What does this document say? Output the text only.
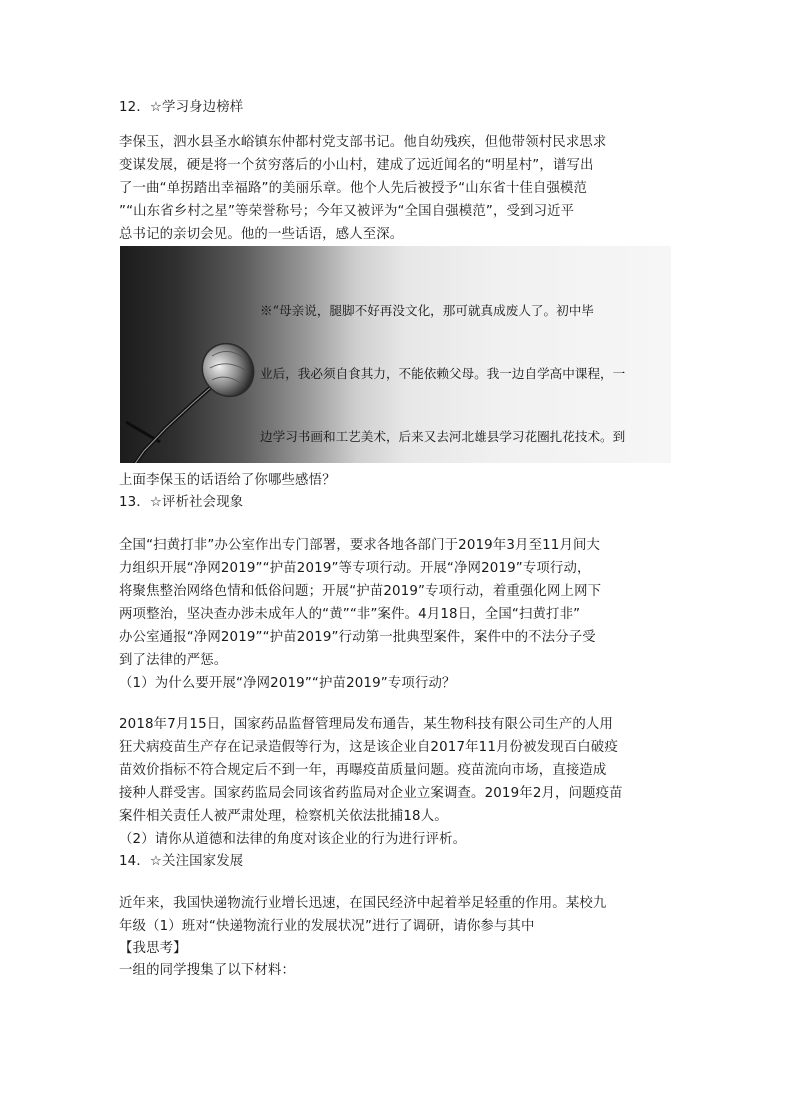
12．☆学习身边榜样
李保玉，泗水县圣水峪镇东仲都村党支部书记。他自幼残疾，但他带领村民求思求
变谋发展，硬是将一个贫穷落后的小山村，建成了远近闻名的“明星村”，谱写出
了一曲“单拐踏出幸福路”的美丽乐章。他个人先后被授予“山东省十佳自强模范
”“山东省乡村之星”等荣誉称号；今年又被评为“全国自强模范”，受到习近平
总书记的亲切会见。他的一些话语，感人至深。

※“母亲说，腿脚不好再没文化，那可就真成废人了。初中毕

业后，我必须自食其力，不能依赖父母。我一边自学高中课程，一

边学习书画和工艺美术，后来又去河北雄县学习花圈扎花技术。到

上面李保玉的话语给了你哪些感悟？
13．☆评析社会现象
全国“扫黄打非”办公室作出专门部署，要求各地各部门于2019年3月至11月间大
力组织开展“净网2019”“护苗2019”等专项行动。开展“净网2019”专项行动，
将聚焦整治网络色情和低俗问题；开展“护苗2019”专项行动，着重强化网上网下
两项整治，坚决查办涉未成年人的“黄”“非”案件。4月18日，全国“扫黄打非”
办公室通报“净网2019”“护苗2019”行动第一批典型案件，案件中的不法分子受
到了法律的严惩。
（1）为什么要开展“净网2019”“护苗2019”专项行动？
2018年7月15日，国家药品监督管理局发布通告，某生物科技有限公司生产的人用
狂犬病疫苗生产存在记录造假等行为，这是该企业自2017年11月份被发现百白破疫
苗效价指标不符合规定后不到一年，再曝疫苗质量问题。疫苗流向市场，直接造成
接种人群受害。国家药监局会同该省药监局对企业立案调查。2019年2月，问题疫苗
案件相关责任人被严肃处理，检察机关依法批捕18人。
（2）请你从道德和法律的角度对该企业的行为进行评析。
14．☆关注国家发展
近年来，我国快递物流行业增长迅速，在国民经济中起着举足轻重的作用。某校九
年级（1）班对“快递物流行业的发展状况”进行了调研，请你参与其中
【我思考】
一组的同学搜集了以下材料：
